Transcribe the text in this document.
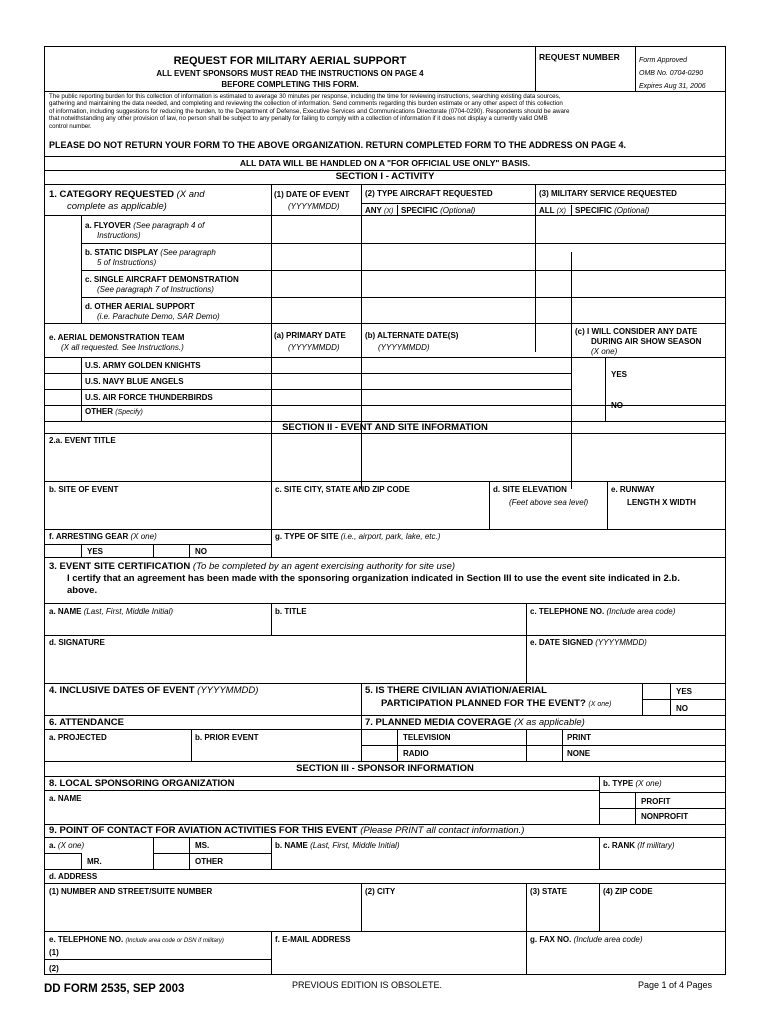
REQUEST FOR MILITARY AERIAL SUPPORT
ALL EVENT SPONSORS MUST READ THE INSTRUCTIONS ON PAGE 4
BEFORE COMPLETING THIS FORM.
REQUEST NUMBER	Form Approved
OMB No. 0704-0290
Expires Aug 31, 2006
The public reporting burden for this collection of information is estimated to average 30 minutes per response, including the time for reviewing instructions, searching existing data sources,
gathering and maintaining the data needed, and completing and reviewing the collection of information. Send comments regarding this burden estimate or any other aspect of this collection
of information, including suggestions for reducing the burden, to the Department of Defense, Executive Services and Communications Directorate (0704-0290). Respondents should be aware
that notwithstanding any other provision of law, no person shall be subject to any penalty for failing to comply with a collection of information if it does not display a currently valid OMB
control number.
PLEASE DO NOT RETURN YOUR FORM TO THE ABOVE ORGANIZATION. RETURN COMPLETED FORM TO THE ADDRESS ON PAGE 4.
ALL DATA WILL BE HANDLED ON A "FOR OFFICIAL USE ONLY" BASIS.
SECTION I - ACTIVITY
1. CATEGORY REQUESTED (X and
complete as applicable)
(1) DATE OF EVENT
(YYYYMMDD)
(2) TYPE AIRCRAFT REQUESTED	(3) MILITARY SERVICE REQUESTED
ANY (X) SPECIFIC (Optional)	ALL (X) SPECIFIC (Optional)
a. FLYOVER (See paragraph 4 of
Instructions)
b. STATIC DISPLAY (See paragraph
5 of Instructions)
c. SINGLE AIRCRAFT DEMONSTRATION
(See paragraph 7 of Instructions)
d. OTHER AERIAL SUPPORT
(i.e. Parachute Demo, SAR Demo)
e. AERIAL DEMONSTRATION TEAM
(X all requested. See Instructions.)
(a) PRIMARY DATE
(YYYYMMDD)
(b) ALTERNATE DATE(S)
(YYYYMMDD)
(c) I WILL CONSIDER ANY DATE
DURING AIR SHOW SEASON
(X one)
U.S. ARMY GOLDEN KNIGHTS
U.S. NAVY BLUE ANGELS
U.S. AIR FORCE THUNDERBIRDS
OTHER (Specify)
YES
NO
SECTION II - EVENT AND SITE INFORMATION
2.a. EVENT TITLE
b. SITE OF EVENT	c. SITE CITY, STATE AND ZIP CODE	d. SITE ELEVATION
(Feet above sea level)
e. RUNWAY
LENGTH X WIDTH
f. ARRESTING GEAR (X one)
YES	NO
g. TYPE OF SITE (i.e., airport, park, lake, etc.)
3. EVENT SITE CERTIFICATION (To be completed by an agent exercising authority for site use)
I certify that an agreement has been made with the sponsoring organization indicated in Section III to use the event site indicated in 2.b.
above.
a. NAME (Last, First, Middle Initial)	b. TITLE	c. TELEPHONE NO. (Include area code)
d. SIGNATURE	e. DATE SIGNED (YYYYMMDD)
4. INCLUSIVE DATES OF EVENT (YYYYMMDD)	5. IS THERE CIVILIAN AVIATION/AERIAL
PARTICIPATION PLANNED FOR THE EVENT? (X one)
YES
NO
6. ATTENDANCE
a. PROJECTED	b. PRIOR EVENT
7. PLANNED MEDIA COVERAGE (X as applicable)
TELEVISION	PRINT
RADIO	NONE
SECTION III - SPONSOR INFORMATION
8. LOCAL SPONSORING ORGANIZATION	b. TYPE (X one)
a. NAME	PROFIT
NONPROFIT
9. POINT OF CONTACT FOR AVIATION ACTIVITIES FOR THIS EVENT (Please PRINT all contact information.)
a. (X one)	MS.
MR.	OTHER
b. NAME (Last, First, Middle Initial)	c. RANK (If military)
d. ADDRESS
(1) NUMBER AND STREET/SUITE NUMBER	(2) CITY	(3) STATE	(4) ZIP CODE
e. TELEPHONE NO. (Include area code or DSN if military)
(1)
(2)
f. E-MAIL ADDRESS	g. FAX NO. (Include area code)
DD FORM 2535, SEP 2003	PREVIOUS EDITION IS OBSOLETE.	Page 1 of 4 Pages
